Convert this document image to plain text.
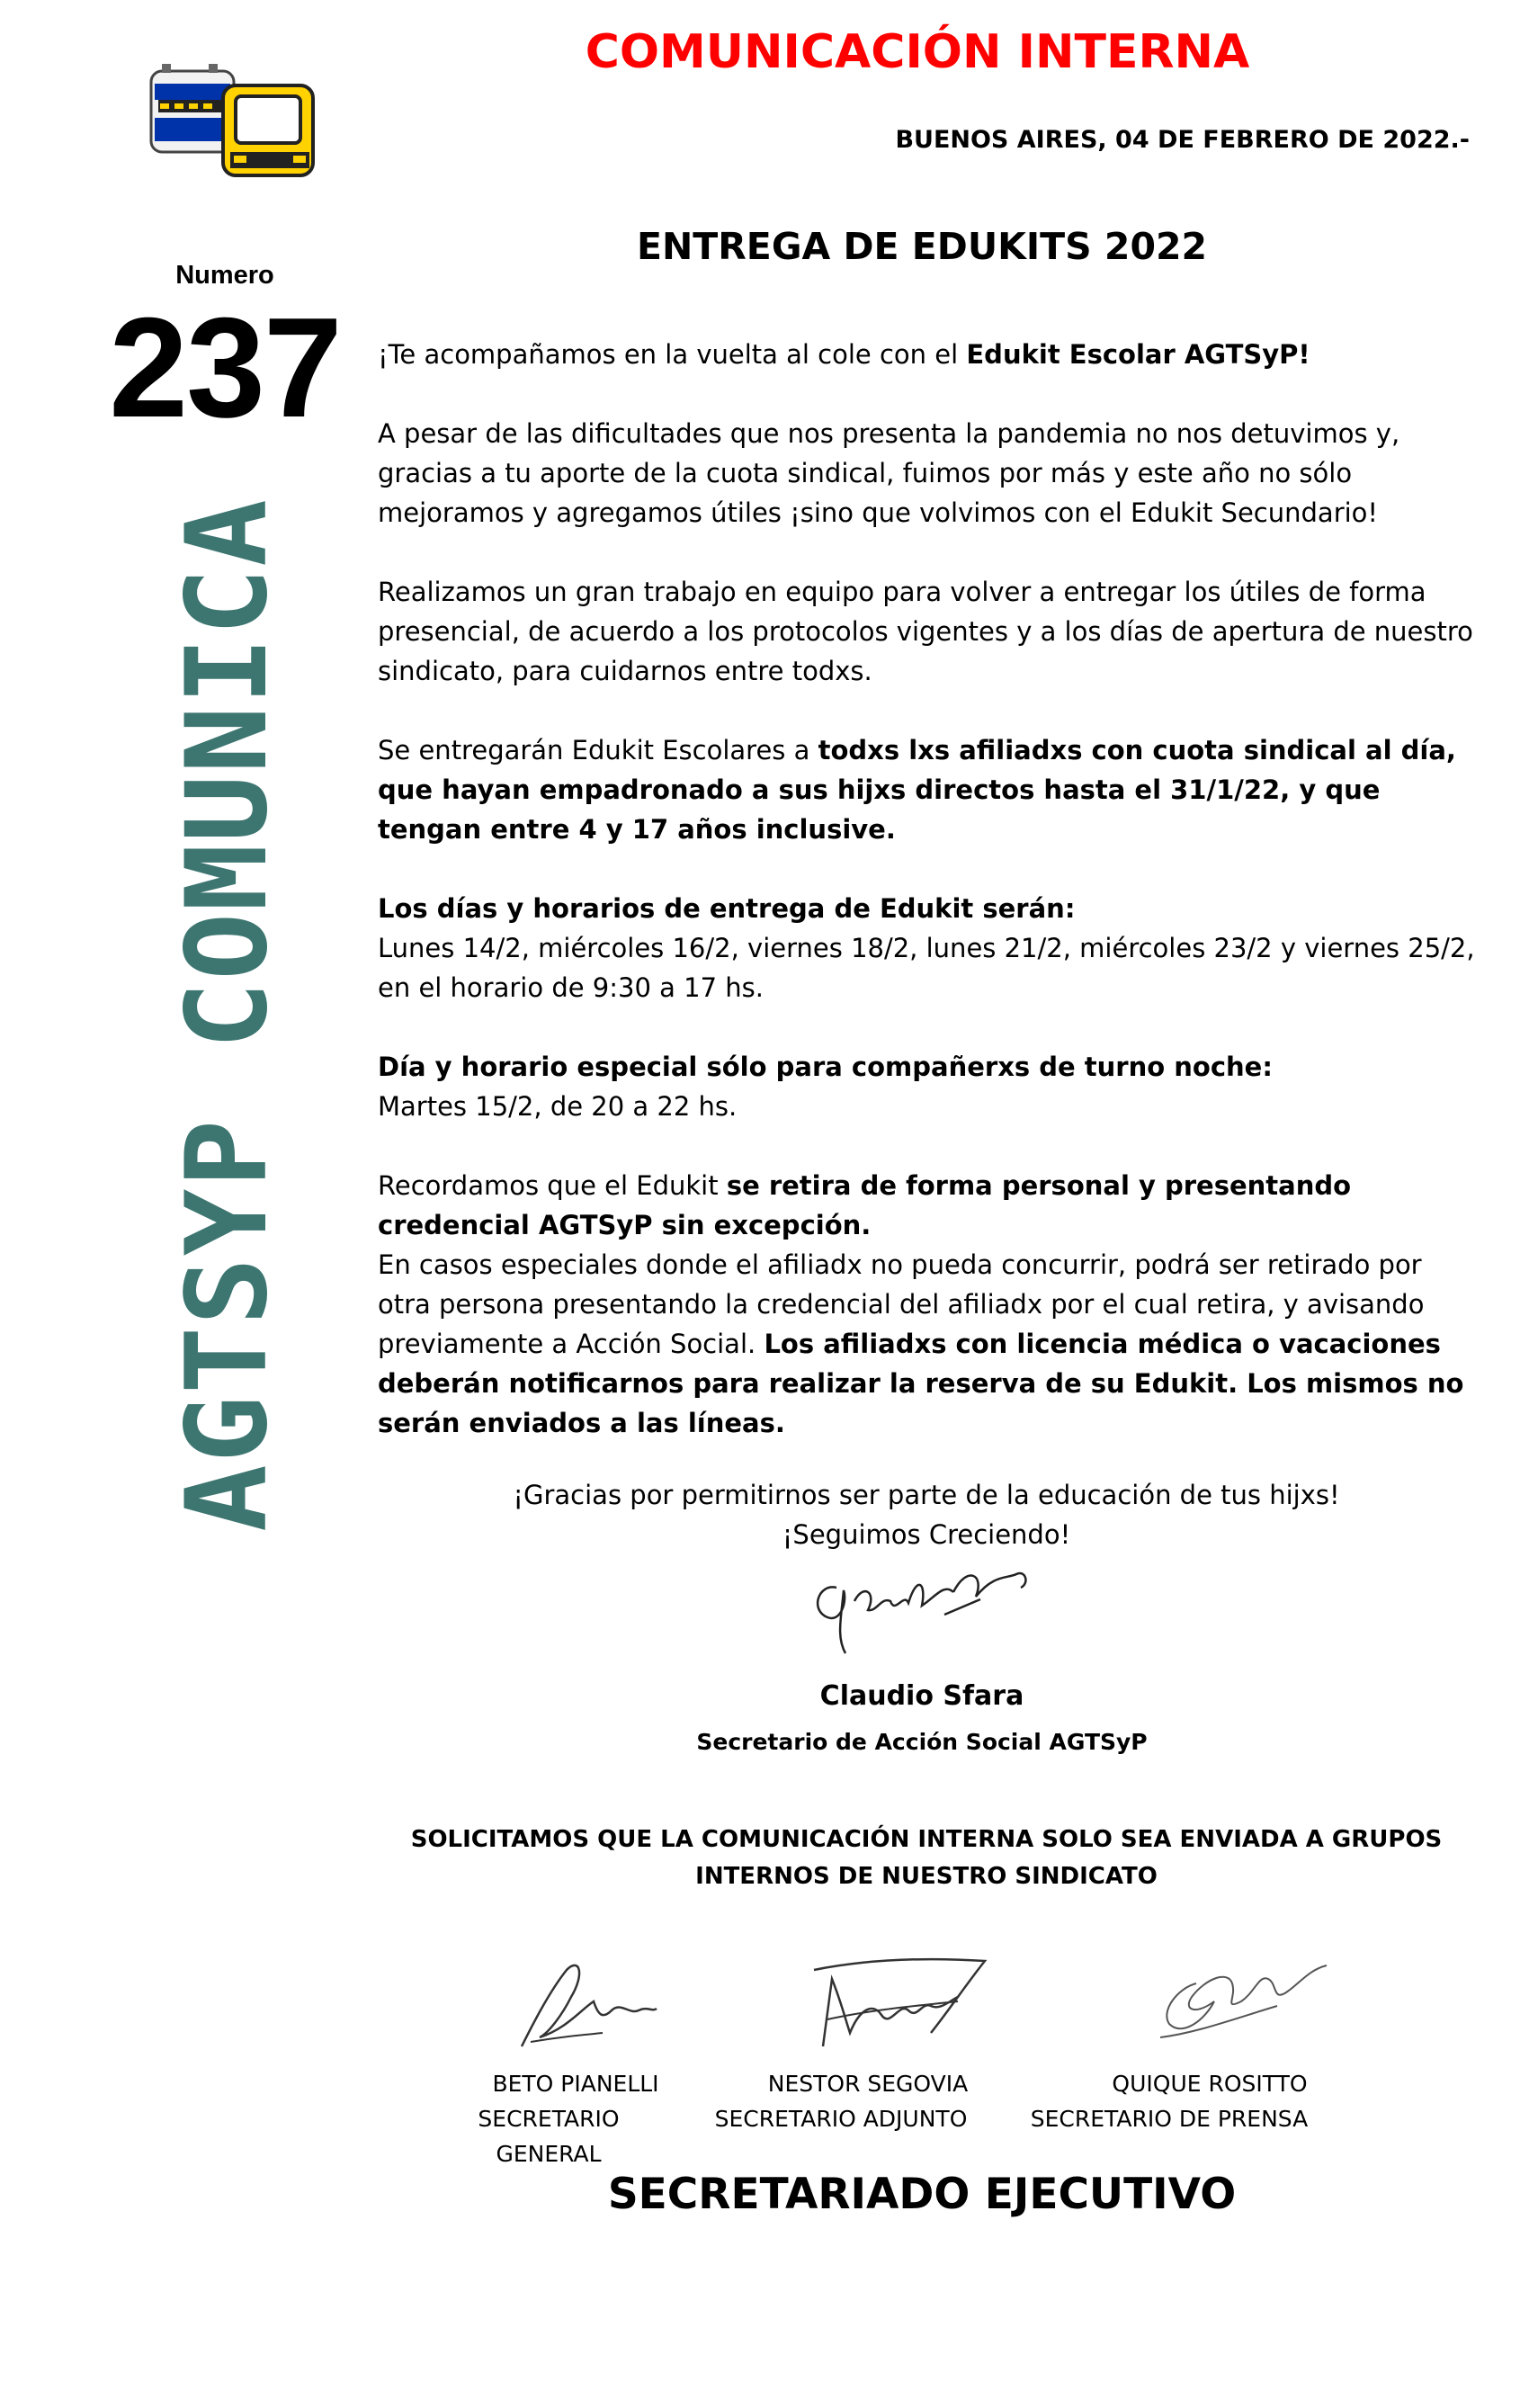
COMUNICACIÓN INTERNA
BUENOS AIRES, 04 DE FEBRERO DE 2022.-
Numero
237
AGTSYP COMUNICA
ENTREGA DE EDUKITS 2022

¡Te acompañamos en la vuelta al cole con el Edukit Escolar AGTSyP!

A pesar de las dificultades que nos presenta la pandemia no nos detuvimos y, gracias a tu aporte de la cuota sindical, fuimos por más y este año no sólo mejoramos y agregamos útiles ¡sino que volvimos con el Edukit Secundario!

Realizamos un gran trabajo en equipo para volver a entregar los útiles de forma presencial, de acuerdo a los protocolos vigentes y a los días de apertura de nuestro sindicato, para cuidarnos entre todxs.

Se entregarán Edukit Escolares a todxs lxs afiliadxs con cuota sindical al día, que hayan empadronado a sus hijxs directos hasta el 31/1/22, y que tengan entre 4 y 17 años inclusive.

Los días y horarios de entrega de Edukit serán:
Lunes 14/2, miércoles 16/2, viernes 18/2, lunes 21/2, miércoles 23/2 y viernes 25/2, en el horario de 9:30 a 17 hs.

Día y horario especial sólo para compañerxs de turno noche:
Martes 15/2, de 20 a 22 hs.

Recordamos que el Edukit se retira de forma personal y presentando credencial AGTSyP sin excepción.

En casos especiales donde el afiliadx no pueda concurrir, podrá ser retirado por otra persona presentando la credencial del afiliadx por el cual retira, y avisando previamente a Acción Social. Los afiliadxs con licencia médica o vacaciones deberán notificarnos para realizar la reserva de su Edukit. Los mismos no serán enviados a las líneas.

¡Gracias por permitirnos ser parte de la educación de tus hijxs!
¡Seguimos Creciendo!
Claudio Sfara
Secretario de Acción Social AGTSyP
SOLICITAMOS QUE LA COMUNICACIÓN INTERNA SOLO SEA ENVIADA A GRUPOS
INTERNOS DE NUESTRO SINDICATO
BETO PIANELLI
SECRETARIO GENERAL
NESTOR SEGOVIA
SECRETARIO ADJUNTO
QUIQUE ROSITTO
SECRETARIO DE PRENSA
SECRETARIADO EJECUTIVO
